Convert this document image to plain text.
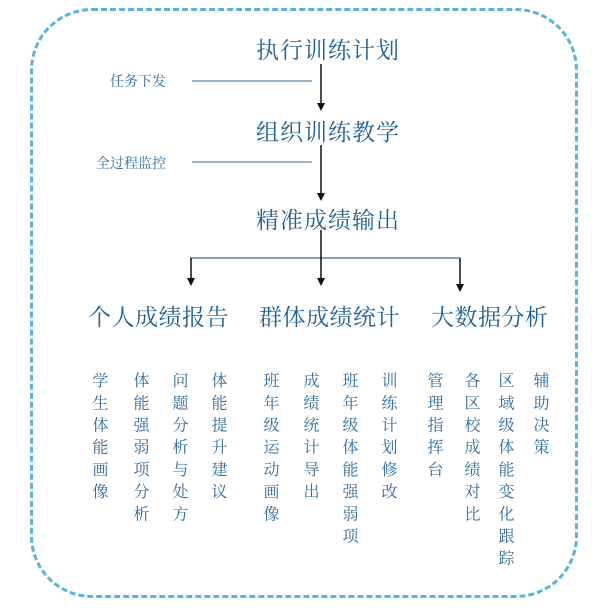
执行训练计划
组织训练教学
精准成绩输出
任务下发
全过程监控
个人成绩报告 群体成绩统计 大数据分析
学生体能画像 体能强弱项分析 问题分析与处方 体能提升建议 班年级运动画像 成绩统计导出 班年级体能强弱项 训练计划修改 管理指挥台 各区校成绩对比 区域级体能变化跟踪 辅助决策
